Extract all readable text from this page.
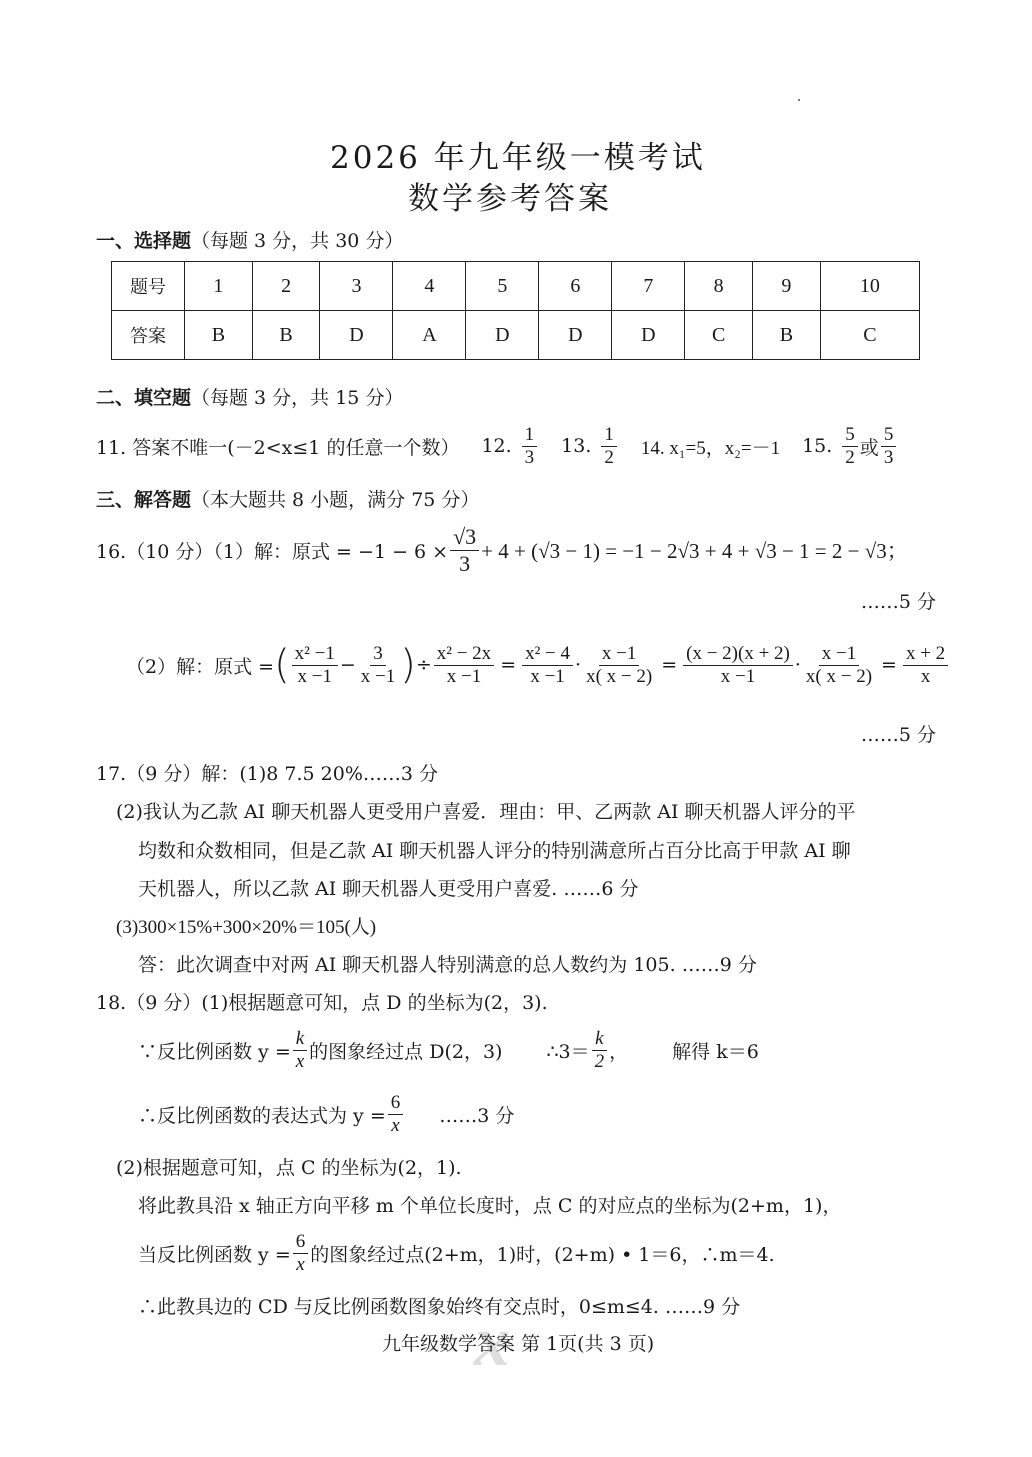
2026 年九年级一模考试
数学参考答案
一、选择题（每题 3 分，共 30 分）
题号	1	2	3	4	5	6	7	8	9	10
答案	B	B	D	A	D	D	D	C	B	C
二、填空题（每题 3 分，共 15 分）
11. 答案不唯一(－2<x≤1 的任意一个数） 12. $\frac{1}{3} 13$. $\frac{1}{2} 14$. x₁=5，x₂=－1 15. $\frac{5}{2}$ 或 $\frac{5}{3}$
三、解答题（本大题共 8 小题，满分 75 分）
16.（10 分）（1）解：原式 = $-1 - 6 \times \frac{√3}{3} + 4 + (√3 - 1) = -1 - 2√3 + 4 + √3 - 1 = 2 - √3$；
……5 分
（2）解：原式 = ( $\frac{\text{x² −1}}{x -1} - \frac{3}{x -1}$ ) ÷ $\frac{\text{x² − 2x}}{x -1} = \frac{\text{x² − 4}}{x -1} \cdot \frac{x -1}{x( x - 2)} = \frac{(x - 2)(x + 2)}{x -1} \cdot \frac{x -1}{x( x - 2)} = \frac{x + 2}{x}$
……5 分
17.（9 分）解：(1)8 7.5 20%……3 分
(2)我认为乙款 AI 聊天机器人更受用户喜爱．理由：甲、乙两款 AI 聊天机器人评分的平
均数和众数相同，但是乙款 AI 聊天机器人评分的特别满意所占百分比高于甲款 AI 聊
天机器人，所以乙款 AI 聊天机器人更受用户喜爱. ……6 分
(3)300×15%+300×20%＝105(人)
答：此次调查中对两 AI 聊天机器人特别满意的总人数约为 105. ……9 分
18.（9 分）(1)根据题意可知，点 D 的坐标为(2，3).
∵反比例函数 $y = \frac{k}{x}$ 的图象经过点 D(2，3) ∴3＝ $\frac{k}{2}$ ， 解得 k＝6
∴反比例函数的表达式为 $y = \frac{6}{x}$ ……3 分
(2)根据题意可知，点 C 的坐标为(2，1).
将此教具沿 x 轴正方向平移 m 个单位长度时，点 C 的对应点的坐标为(2+m，1)，
当反比例函数 $y = \frac{6}{x}$ 的图象经过点(2+m，1)时，(2+m) • 1＝6，∴m＝4.
∴此教具边的 CD 与反比例函数图象始终有交点时，0≤m≤4. ……9 分
x
九年级数学答案 第 1页(共 3 页)
